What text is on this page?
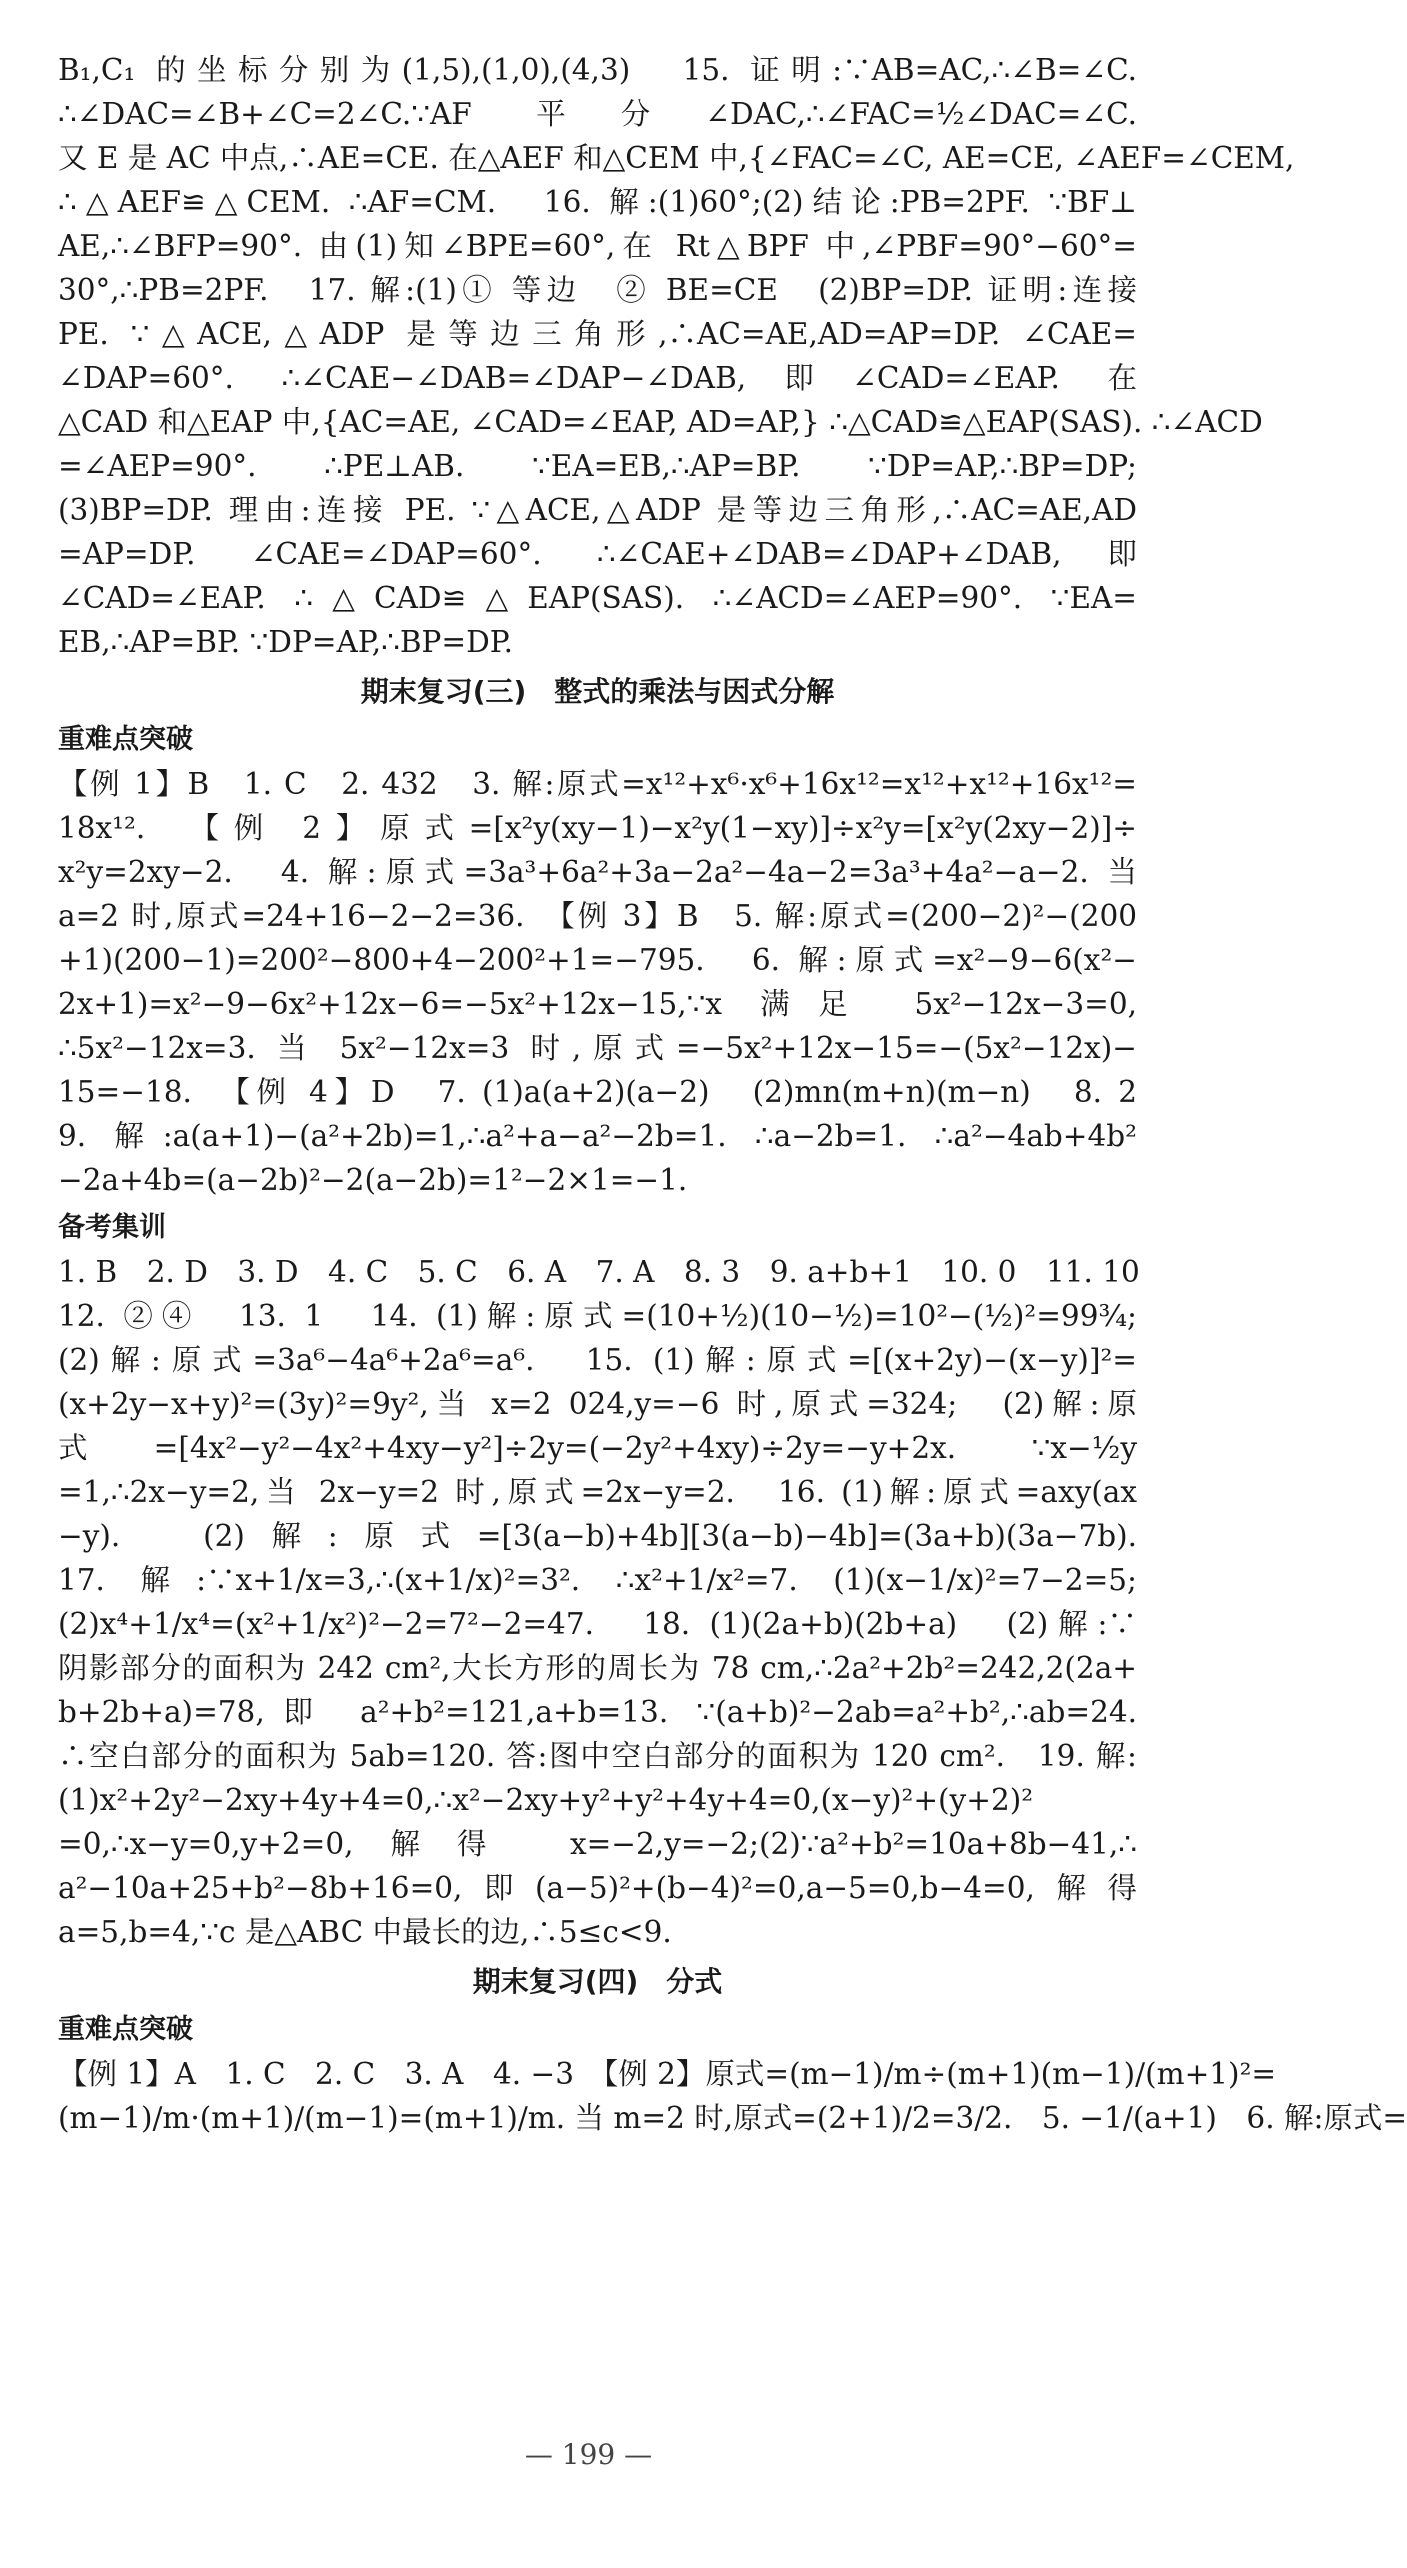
B₁,C₁ 的坐标分别为(1,5),(1,0),(4,3)　15. 证明:∵AB=AC,∴∠B=∠C.
∴∠DAC=∠B+∠C=2∠C.∵AF 平分∠DAC,∴∠FAC=½∠DAC=∠C.
又 E 是 AC 中点,∴AE=CE. 在△AEF 和△CEM 中,{∠FAC=∠C, AE=CE, ∠AEF=∠CEM,
∴△AEF≌△CEM. ∴AF=CM.　16. 解:(1)60°;(2)结论:PB=2PF. ∵BF⊥
AE,∴∠BFP=90°. 由(1)知∠BPE=60°,在 Rt△BPF 中,∠PBF=90°−60°=
30°,∴PB=2PF.　17. 解:(1)① 等边　② BE=CE　(2)BP=DP. 证明:连接
PE. ∵△ACE,△ADP 是等边三角形,∴AC=AE,AD=AP=DP. ∠CAE=
∠DAP=60°. ∴∠CAE−∠DAB=∠DAP−∠DAB,即∠CAD=∠EAP. 在
△CAD 和△EAP 中,{AC=AE, ∠CAD=∠EAP, AD=AP,} ∴△CAD≌△EAP(SAS). ∴∠ACD
=∠AEP=90°. ∴PE⊥AB. ∵EA=EB,∴AP=BP. ∵DP=AP,∴BP=DP;
(3)BP=DP. 理由:连接 PE. ∵△ACE,△ADP 是等边三角形,∴AC=AE,AD
=AP=DP. ∠CAE=∠DAP=60°. ∴∠CAE+∠DAB=∠DAP+∠DAB,即
∠CAD=∠EAP. ∴△CAD≌△EAP(SAS). ∴∠ACD=∠AEP=90°. ∵EA=
EB,∴AP=BP. ∵DP=AP,∴BP=DP.
期末复习(三)　整式的乘法与因式分解
重难点突破
【例 1】B　1. C　2. 432　3. 解:原式=x¹²+x⁶·x⁶+16x¹²=x¹²+x¹²+16x¹²=
18x¹².　【例 2】原式=[x²y(xy−1)−x²y(1−xy)]÷x²y=[x²y(2xy−2)]÷
x²y=2xy−2.　4. 解:原式=3a³+6a²+3a−2a²−4a−2=3a³+4a²−a−2. 当
a=2 时,原式=24+16−2−2=36.　【例 3】B　5. 解:原式=(200−2)²−(200
+1)(200−1)=200²−800+4−200²+1=−795.　6. 解:原式=x²−9−6(x²−
2x+1)=x²−9−6x²+12x−6=−5x²+12x−15,∵x 满足 5x²−12x−3=0,
∴5x²−12x=3. 当 5x²−12x=3 时,原式=−5x²+12x−15=−(5x²−12x)−
15=−18.　【例 4】D　7. (1)a(a+2)(a−2)　(2)mn(m+n)(m−n)　8. 2
9. 解:a(a+1)−(a²+2b)=1,∴a²+a−a²−2b=1. ∴a−2b=1. ∴a²−4ab+4b²
−2a+4b=(a−2b)²−2(a−2b)=1²−2×1=−1.
备考集训
1. B　2. D　3. D　4. C　5. C　6. A　7. A　8. 3　9. a+b+1　10. 0　11. 10
12. ②④　13. 1　14. (1)解:原式=(10+½)(10−½)=10²−(½)²=99¾;
(2)解:原式=3a⁶−4a⁶+2a⁶=a⁶.　15. (1)解:原式=[(x+2y)−(x−y)]²=
(x+2y−x+y)²=(3y)²=9y²,当 x=2 024,y=−6 时,原式=324;　(2)解:原
式=[4x²−y²−4x²+4xy−y²]÷2y=(−2y²+4xy)÷2y=−y+2x. ∵x−½y
=1,∴2x−y=2,当 2x−y=2 时,原式=2x−y=2.　16. (1)解:原式=axy(ax
−y).　(2)解:原式=[3(a−b)+4b][3(a−b)−4b]=(3a+b)(3a−7b).
17. 解:∵x+1/x=3,∴(x+1/x)²=3². ∴x²+1/x²=7. (1)(x−1/x)²=7−2=5;
(2)x⁴+1/x⁴=(x²+1/x²)²−2=7²−2=47.　18. (1)(2a+b)(2b+a)　(2)解:∵
阴影部分的面积为 242 cm²,大长方形的周长为 78 cm,∴2a²+2b²=242,2(2a+
b+2b+a)=78,即 a²+b²=121,a+b=13. ∵(a+b)²−2ab=a²+b²,∴ab=24.
∴空白部分的面积为 5ab=120. 答:图中空白部分的面积为 120 cm².　19. 解:
(1)x²+2y²−2xy+4y+4=0,∴x²−2xy+y²+y²+4y+4=0,(x−y)²+(y+2)²
=0,∴x−y=0,y+2=0,解得 x=−2,y=−2;(2)∵a²+b²=10a+8b−41,∴
a²−10a+25+b²−8b+16=0,即(a−5)²+(b−4)²=0,a−5=0,b−4=0,解得
a=5,b=4,∵c 是△ABC 中最长的边,∴5≤c<9.
期末复习(四)　分式
重难点突破
【例 1】A　1. C　2. C　3. A　4. −3　【例 2】原式=(m−1)/m÷(m+1)(m−1)/(m+1)²=
(m−1)/m·(m+1)/(m−1)=(m+1)/m. 当 m=2 时,原式=(2+1)/2=3/2.　5. −1/(a+1)　6. 解:原式=
— 199 —
